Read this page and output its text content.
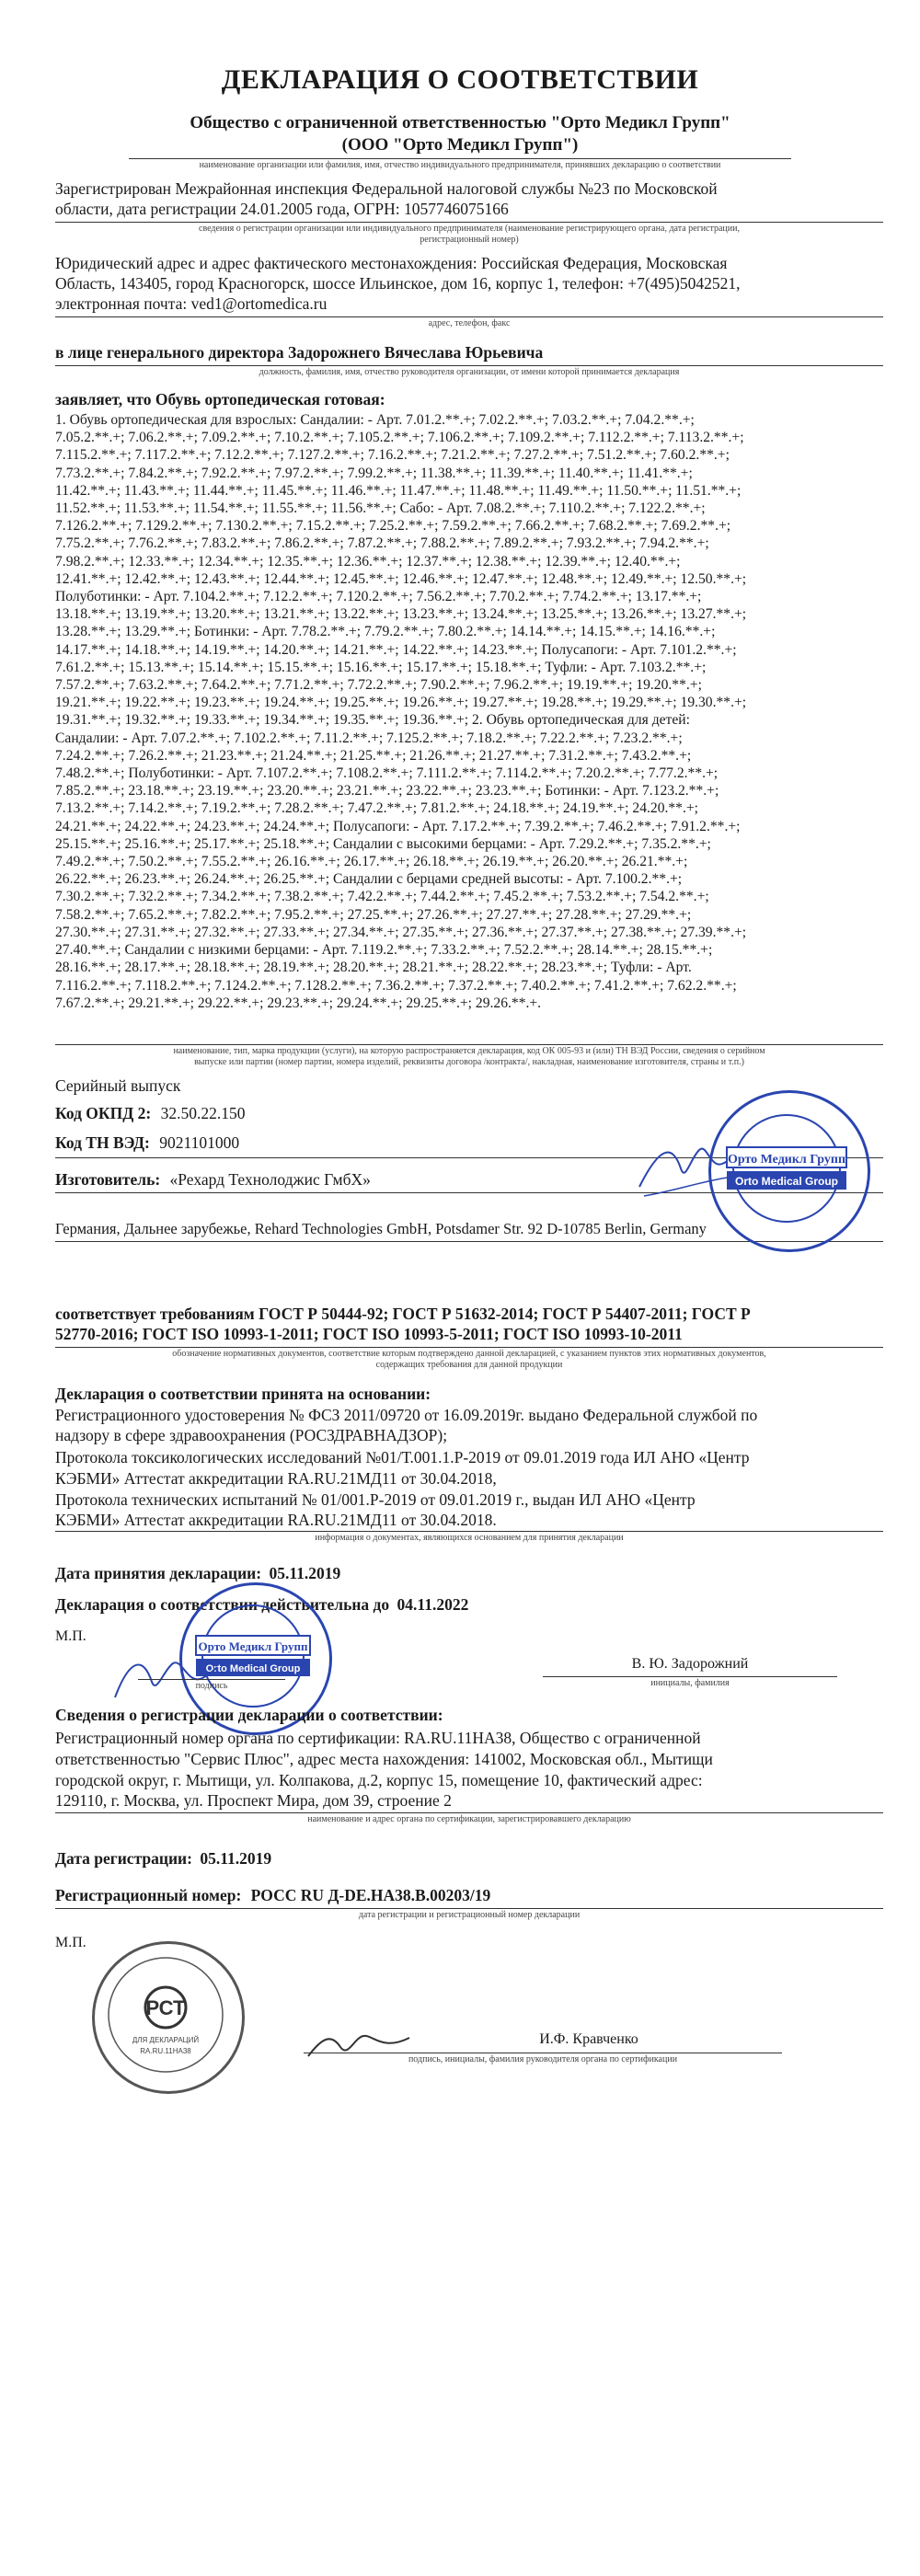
ДЕКЛАРАЦИЯ О СООТВЕТСТВИИ
Общество с ограниченной ответственностью "Орто Медикл Групп"
(ООО "Орто Медикл Групп")
наименование организации или фамилия, имя, отчество индивидуального предпринимателя, принявших декларацию о соответствии
Зарегистрирован Межрайонная инспекция Федеральной налоговой службы №23 по Московской
области, дата регистрации 24.01.2005 года, ОГРН: 1057746075166
сведения о регистрации организации или индивидуального предпринимателя (наименование регистрирующего органа, дата регистрации,
регистрационный номер)
Юридический адрес и адрес фактического местонахождения: Российская Федерация, Московская
Область, 143405, город Красногорск, шоссе Ильинское, дом 16, корпус 1, телефон: +7(495)5042521,
электронная почта: ved1@ortomedica.ru
адрес, телефон, факс
в лице генерального директора Задорожнего Вячеслава Юрьевича
должность, фамилия, имя, отчество руководителя организации, от имени которой принимается декларация
заявляет, что Обувь ортопедическая готовая:
1. Обувь ортопедическая для взрослых: Сандалии: - Арт. 7.01.2.**.+; 7.02.2.**.+; 7.03.2.**.+; 7.04.2.**.+;
7.05.2.**.+; 7.06.2.**.+; 7.09.2.**.+; 7.10.2.**.+; 7.105.2.**.+; 7.106.2.**.+; 7.109.2.**.+; 7.112.2.**.+; 7.113.2.**.+;
7.115.2.**.+; 7.117.2.**.+; 7.12.2.**.+; 7.127.2.**.+; 7.16.2.**.+; 7.21.2.**.+; 7.27.2.**.+; 7.51.2.**.+; 7.60.2.**.+;
7.73.2.**.+; 7.84.2.**.+; 7.92.2.**.+; 7.97.2.**.+; 7.99.2.**.+; 11.38.**.+; 11.39.**.+; 11.40.**.+; 11.41.**.+;
11.42.**.+; 11.43.**.+; 11.44.**.+; 11.45.**.+; 11.46.**.+; 11.47.**.+; 11.48.**.+; 11.49.**.+; 11.50.**.+; 11.51.**.+;
11.52.**.+; 11.53.**.+; 11.54.**.+; 11.55.**.+; 11.56.**.+; Сабо: - Арт. 7.08.2.**.+; 7.110.2.**.+; 7.122.2.**.+;
7.126.2.**.+; 7.129.2.**.+; 7.130.2.**.+; 7.15.2.**.+; 7.25.2.**.+; 7.59.2.**.+; 7.66.2.**.+; 7.68.2.**.+; 7.69.2.**.+;
7.75.2.**.+; 7.76.2.**.+; 7.83.2.**.+; 7.86.2.**.+; 7.87.2.**.+; 7.88.2.**.+; 7.89.2.**.+; 7.93.2.**.+; 7.94.2.**.+;
7.98.2.**.+; 12.33.**.+; 12.34.**.+; 12.35.**.+; 12.36.**.+; 12.37.**.+; 12.38.**.+; 12.39.**.+; 12.40.**.+;
12.41.**.+; 12.42.**.+; 12.43.**.+; 12.44.**.+; 12.45.**.+; 12.46.**.+; 12.47.**.+; 12.48.**.+; 12.49.**.+; 12.50.**.+;
Полуботинки: - Арт. 7.104.2.**.+; 7.12.2.**.+; 7.120.2.**.+; 7.56.2.**.+; 7.70.2.**.+; 7.74.2.**.+; 13.17.**.+;
13.18.**.+; 13.19.**.+; 13.20.**.+; 13.21.**.+; 13.22.**.+; 13.23.**.+; 13.24.**.+; 13.25.**.+; 13.26.**.+; 13.27.**.+;
13.28.**.+; 13.29.**.+; Ботинки: - Арт. 7.78.2.**.+; 7.79.2.**.+; 7.80.2.**.+; 14.14.**.+; 14.15.**.+; 14.16.**.+;
14.17.**.+; 14.18.**.+; 14.19.**.+; 14.20.**.+; 14.21.**.+; 14.22.**.+; 14.23.**.+; Полусапоги: - Арт. 7.101.2.**.+;
7.61.2.**.+; 15.13.**.+; 15.14.**.+; 15.15.**.+; 15.16.**.+; 15.17.**.+; 15.18.**.+; Туфли: - Арт. 7.103.2.**.+;
7.57.2.**.+; 7.63.2.**.+; 7.64.2.**.+; 7.71.2.**.+; 7.72.2.**.+; 7.90.2.**.+; 7.96.2.**.+; 19.19.**.+; 19.20.**.+;
19.21.**.+; 19.22.**.+; 19.23.**.+; 19.24.**.+; 19.25.**.+; 19.26.**.+; 19.27.**.+; 19.28.**.+; 19.29.**.+; 19.30.**.+;
19.31.**.+; 19.32.**.+; 19.33.**.+; 19.34.**.+; 19.35.**.+; 19.36.**.+; 2. Обувь ортопедическая для детей:
Сандалии: - Арт. 7.07.2.**.+; 7.102.2.**.+; 7.11.2.**.+; 7.125.2.**.+; 7.18.2.**.+; 7.22.2.**.+; 7.23.2.**.+;
7.24.2.**.+; 7.26.2.**.+; 21.23.**.+; 21.24.**.+; 21.25.**.+; 21.26.**.+; 21.27.**.+; 7.31.2.**.+; 7.43.2.**.+;
7.48.2.**.+; Полуботинки: - Арт. 7.107.2.**.+; 7.108.2.**.+; 7.111.2.**.+; 7.114.2.**.+; 7.20.2.**.+; 7.77.2.**.+;
7.85.2.**.+; 23.18.**.+; 23.19.**.+; 23.20.**.+; 23.21.**.+; 23.22.**.+; 23.23.**.+; Ботинки: - Арт. 7.123.2.**.+;
7.13.2.**.+; 7.14.2.**.+; 7.19.2.**.+; 7.28.2.**.+; 7.47.2.**.+; 7.81.2.**.+; 24.18.**.+; 24.19.**.+; 24.20.**.+;
24.21.**.+; 24.22.**.+; 24.23.**.+; 24.24.**.+; Полусапоги: - Арт. 7.17.2.**.+; 7.39.2.**.+; 7.46.2.**.+; 7.91.2.**.+;
25.15.**.+; 25.16.**.+; 25.17.**.+; 25.18.**.+; Сандалии с высокими берцами: - Арт. 7.29.2.**.+; 7.35.2.**.+;
7.49.2.**.+; 7.50.2.**.+; 7.55.2.**.+; 26.16.**.+; 26.17.**.+; 26.18.**.+; 26.19.**.+; 26.20.**.+; 26.21.**.+;
26.22.**.+; 26.23.**.+; 26.24.**.+; 26.25.**.+; Сандалии с берцами средней высоты: - Арт. 7.100.2.**.+;
7.30.2.**.+; 7.32.2.**.+; 7.34.2.**.+; 7.38.2.**.+; 7.42.2.**.+; 7.44.2.**.+; 7.45.2.**.+; 7.53.2.**.+; 7.54.2.**.+;
7.58.2.**.+; 7.65.2.**.+; 7.82.2.**.+; 7.95.2.**.+; 27.25.**.+; 27.26.**.+; 27.27.**.+; 27.28.**.+; 27.29.**.+;
27.30.**.+; 27.31.**.+; 27.32.**.+; 27.33.**.+; 27.34.**.+; 27.35.**.+; 27.36.**.+; 27.37.**.+; 27.38.**.+; 27.39.**.+;
27.40.**.+; Сандалии с низкими берцами: - Арт. 7.119.2.**.+; 7.33.2.**.+; 7.52.2.**.+; 28.14.**.+; 28.15.**.+;
28.16.**.+; 28.17.**.+; 28.18.**.+; 28.19.**.+; 28.20.**.+; 28.21.**.+; 28.22.**.+; 28.23.**.+; Туфли: - Арт.
7.116.2.**.+; 7.118.2.**.+; 7.124.2.**.+; 7.128.2.**.+; 7.36.2.**.+; 7.37.2.**.+; 7.40.2.**.+; 7.41.2.**.+; 7.62.2.**.+;
7.67.2.**.+; 29.21.**.+; 29.22.**.+; 29.23.**.+; 29.24.**.+; 29.25.**.+; 29.26.**.+.
наименование, тип, марка продукции (услуги), на которую распространяется декларация, код ОК 005-93 и (или) ТН ВЭД России, сведения о серийном
выпуске или партии (номер партии, номера изделий, реквизиты договора /контракта/, накладная, наименование изготовителя, страны и т.п.)
Серийный выпуск
Код ОКПД 2: 32.50.22.150
Код ТН ВЭД: 9021101000
Изготовитель: «Рехард Технолоджис ГмбХ»
Германия, Дальнее зарубежье, Rehard Technologies GmbH, Potsdamer Str. 92 D-10785 Berlin, Germany
Орто Медикл Групп
Orto Medical Group
соответствует требованиям ГОСТ Р 50444-92; ГОСТ Р 51632-2014; ГОСТ Р 54407-2011; ГОСТ Р
52770-2016; ГОСТ ISO 10993-1-2011; ГОСТ ISO 10993-5-2011; ГОСТ ISO 10993-10-2011
обозначение нормативных документов, соответствие которым подтверждено данной декларацией, с указанием пунктов этих нормативных документов,
содержащих требования для данной продукции
Декларация о соответствии принята на основании:
Регистрационного удостоверения № ФСЗ 2011/09720 от 16.09.2019г. выдано Федеральной службой по
надзору в сфере здравоохранения (РОСЗДРАВНАДЗОР);
Протокола токсикологических исследований №01/Т.001.1.Р-2019 от 09.01.2019 года ИЛ АНО «Центр
КЭБМИ» Аттестат аккредитации RA.RU.21МД11 от 30.04.2018,
Протокола технических испытаний № 01/001.Р-2019 от 09.01.2019 г., выдан ИЛ АНО «Центр
КЭБМИ» Аттестат аккредитации RA.RU.21МД11 от 30.04.2018.
информация о документах, являющихся основанием для принятия декларации
Дата принятия декларации: 05.11.2019
Декларация о соответствии действительна до 04.11.2022
М.П.
Орто Медикл Групп
Orto Medical Group
подпись
В. Ю. Задорожний
инициалы, фамилия
Сведения о регистрации декларации о соответствии:
Регистрационный номер органа по сертификации: RA.RU.11НА38, Общество с ограниченной
ответственностью "Сервис Плюс", адрес места нахождения: 141002, Московская обл., Мытищи
городской округ, г. Мытищи, ул. Колпакова, д.2, корпус 15, помещение 10, фактический адрес:
129110, г. Москва, ул. Проспект Мира, дом 39, строение 2
наименование и адрес органа по сертификации, зарегистрировавшего декларацию
Дата регистрации: 05.11.2019
Регистрационный номер: РОСС RU Д-DE.НА38.В.00203/19
дата регистрации и регистрационный номер декларации
М.П.
РСТ
ДЛЯ ДЕКЛАРАЦИЙ
RA.RU.11НА38
И.Ф. Кравченко
подпись, инициалы, фамилия руководителя органа по сертификации
